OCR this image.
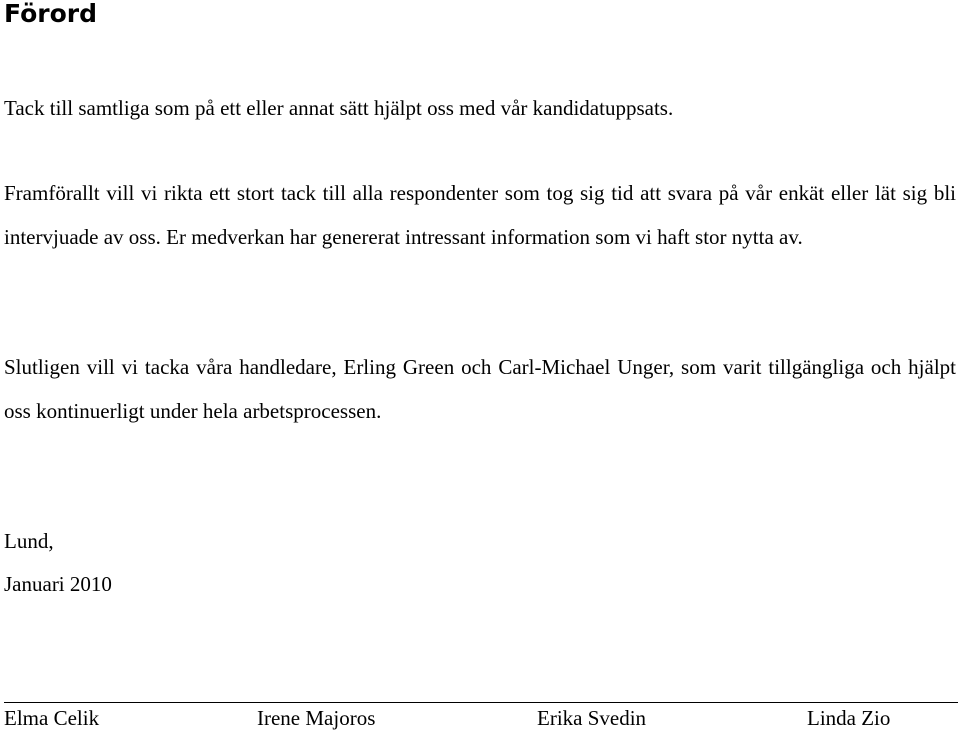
Förord

Tack till samtliga som på ett eller annat sätt hjälpt oss med vår kandidatuppsats.

Framförallt vill vi rikta ett stort tack till alla respondenter som tog sig tid att svara på vår enkät eller lät sig bli intervjuade av oss. Er medverkan har genererat intressant information som vi haft stor nytta av.

Slutligen vill vi tacka våra handledare, Erling Green och Carl-Michael Unger, som varit tillgängliga och hjälpt oss kontinuerligt under hela arbetsprocessen.

Lund,

Januari 2010

Elma Celik	Irene Majoros	Erika Svedin	Linda Zio
